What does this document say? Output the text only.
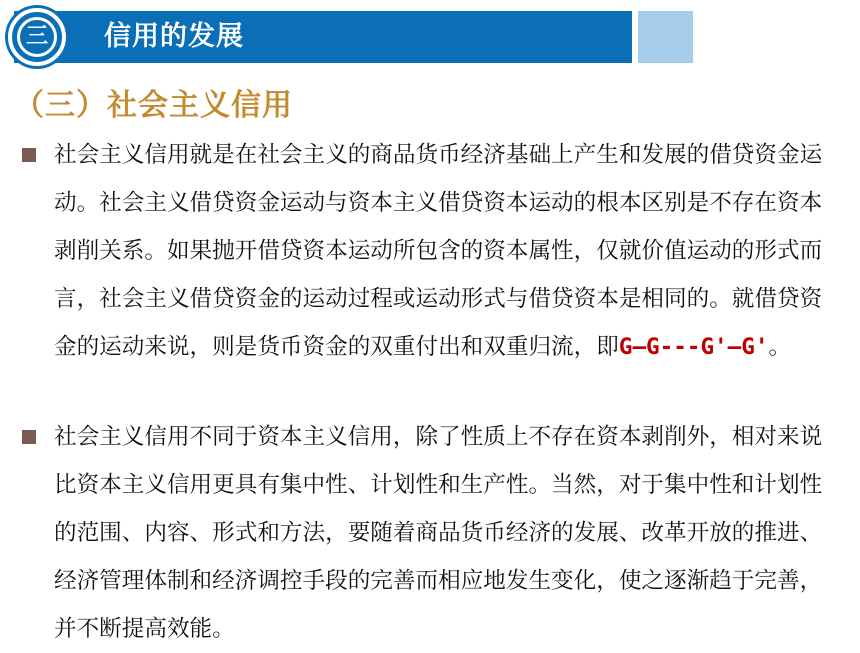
三	信用的发展
（三）社会主义信用
社会主义信用就是在社会主义的商品货币经济基础上产生和发展的借贷资金运动。社会主义借贷资金运动与资本主义借贷资本运动的根本区别是不存在资本剥削关系。如果抛开借贷资本运动所包含的资本属性，仅就价值运动的形式而言，社会主义借贷资金的运动过程或运动形式与借贷资本是相同的。就借贷资金的运动来说，则是货币资金的双重付出和双重归流，即G—G---G'—G'。
社会主义信用不同于资本主义信用，除了性质上不存在资本剥削外，相对来说比资本主义信用更具有集中性、计划性和生产性。当然，对于集中性和计划性的范围、内容、形式和方法，要随着商品货币经济的发展、改革开放的推进、经济管理体制和经济调控手段的完善而相应地发生变化，使之逐渐趋于完善，并不断提高效能。
